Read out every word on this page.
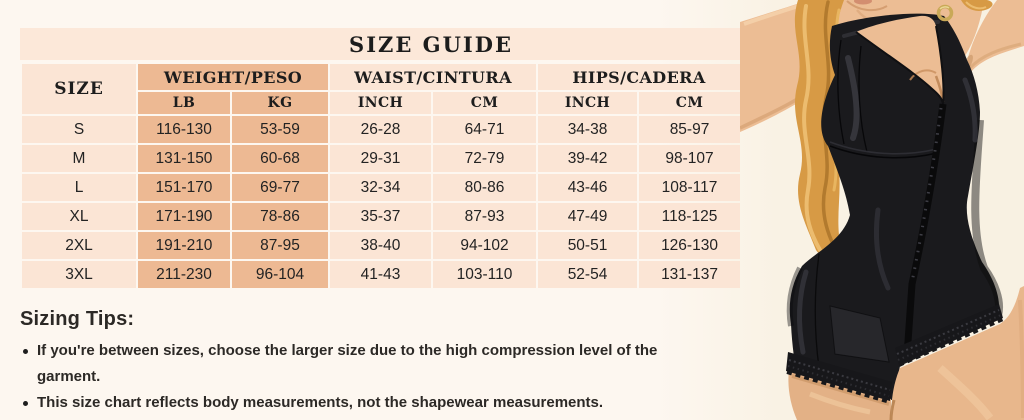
SIZE GUIDE
SIZE	WEIGHT/PESO		WAIST/CINTURA		HIPS/CADERA	
	LB	KG	INCH	CM	INCH	CM
S	116-130	53-59	26-28	64-71	34-38	85-97
M	131-150	60-68	29-31	72-79	39-42	98-107
L	151-170	69-77	32-34	80-86	43-46	108-117
XL	171-190	78-86	35-37	87-93	47-49	118-125
2XL	191-210	87-95	38-40	94-102	50-51	126-130
3XL	211-230	96-104	41-43	103-110	52-54	131-137
Sizing Tips:
If you're between sizes, choose the larger size due to the high compression level of the garment.
This size chart reflects body measurements, not the shapewear measurements.
